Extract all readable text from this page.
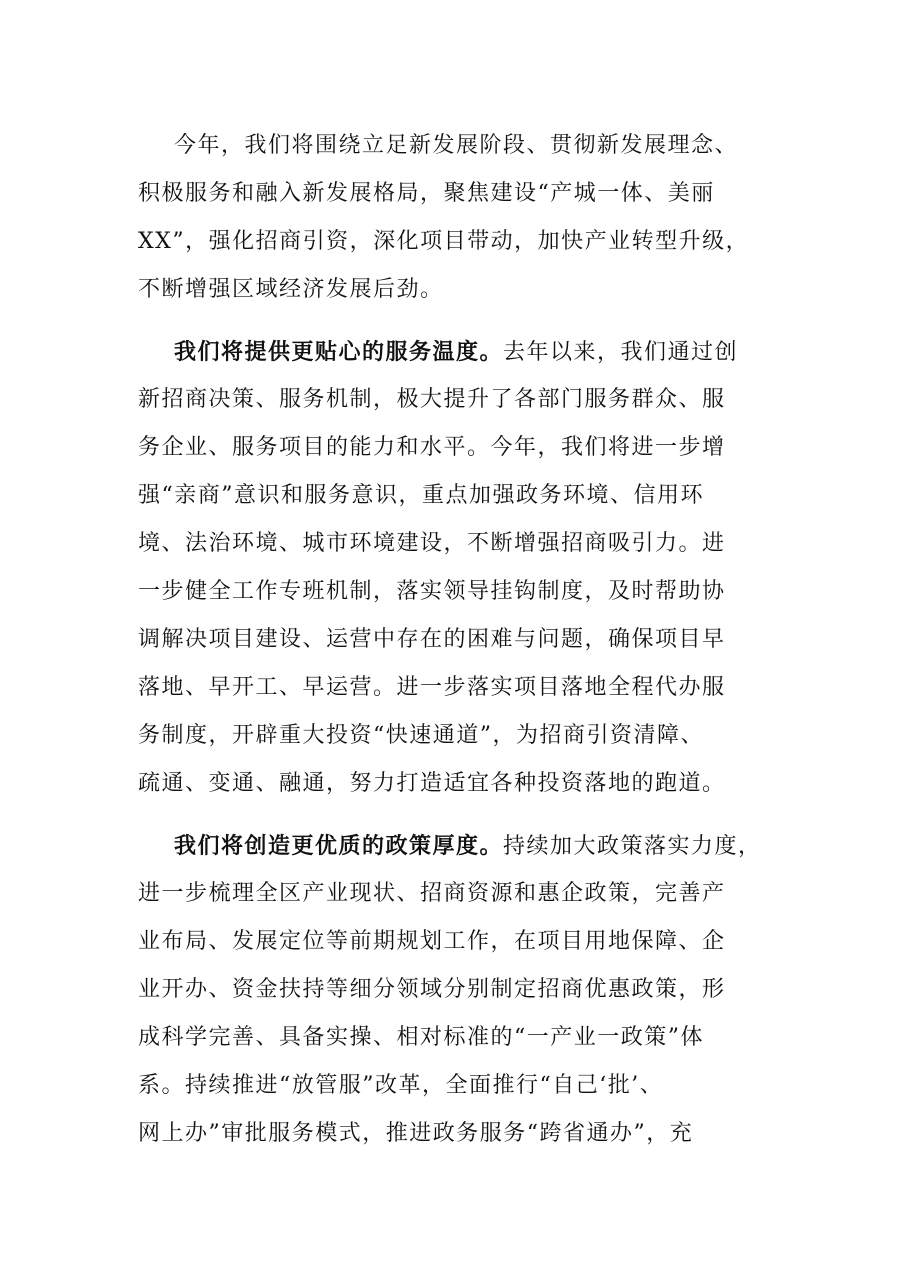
今年，我们将围绕立足新发展阶段、贯彻新发展理念、
积极服务和融入新发展格局，聚焦建设“产城一体、美丽
XX”，强化招商引资，深化项目带动，加快产业转型升级，
不断增强区域经济发展后劲。
我们将提供更贴心的服务温度。去年以来，我们通过创
新招商决策、服务机制，极大提升了各部门服务群众、服
务企业、服务项目的能力和水平。今年，我们将进一步增
强“亲商”意识和服务意识，重点加强政务环境、信用环
境、法治环境、城市环境建设，不断增强招商吸引力。进
一步健全工作专班机制，落实领导挂钩制度，及时帮助协
调解决项目建设、运营中存在的困难与问题，确保项目早
落地、早开工、早运营。进一步落实项目落地全程代办服
务制度，开辟重大投资“快速通道”，为招商引资清障、
疏通、变通、融通，努力打造适宜各种投资落地的跑道。
我们将创造更优质的政策厚度。持续加大政策落实力度，
进一步梳理全区产业现状、招商资源和惠企政策，完善产
业布局、发展定位等前期规划工作，在项目用地保障、企
业开办、资金扶持等细分领域分别制定招商优惠政策，形
成科学完善、具备实操、相对标准的“一产业一政策”体
系。持续推进“放管服”改革，全面推行“自己‘批’、
网上办”审批服务模式，推进政务服务“跨省通办”，充
